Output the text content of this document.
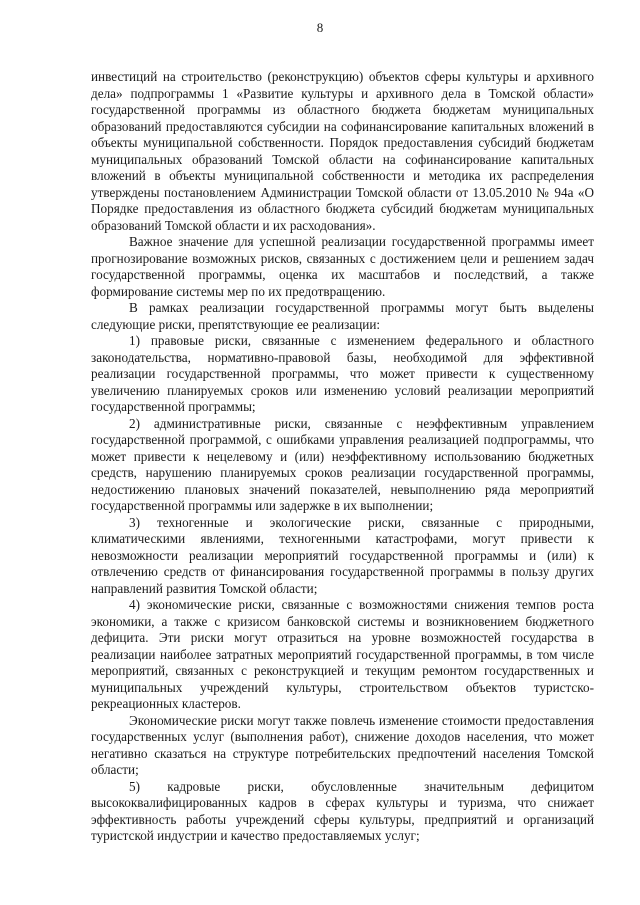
8

инвестиций на строительство (реконструкцию) объектов сферы культуры и архивного дела» подпрограммы 1 «Развитие культуры и архивного дела в Томской области» государственной программы из областного бюджета бюджетам муниципальных образований предоставляются субсидии на софинансирование капитальных вложений в объекты муниципальной собственности. Порядок предоставления субсидий бюджетам муниципальных образований Томской области на софинансирование капитальных вложений в объекты муниципальной собственности и методика их распределения утверждены постановлением Администрации Томской области от 13.05.2010 № 94а «О Порядке предоставления из областного бюджета субсидий бюджетам муниципальных образований Томской области и их расходования».

Важное значение для успешной реализации государственной программы имеет прогнозирование возможных рисков, связанных с достижением цели и решением задач государственной программы, оценка их масштабов и последствий, а также формирование системы мер по их предотвращению.

В рамках реализации государственной программы могут быть выделены следующие риски, препятствующие ее реализации:

1) правовые риски, связанные с изменением федерального и областного законодательства, нормативно-правовой базы, необходимой для эффективной реализации государственной программы, что может привести к существенному увеличению планируемых сроков или изменению условий реализации мероприятий государственной программы;

2) административные риски, связанные с неэффективным управлением государственной программой, с ошибками управления реализацией подпрограммы, что может привести к нецелевому и (или) неэффективному использованию бюджетных средств, нарушению планируемых сроков реализации государственной программы, недостижению плановых значений показателей, невыполнению ряда мероприятий государственной программы или задержке в их выполнении;

3) техногенные и экологические риски, связанные с природными, климатическими явлениями, техногенными катастрофами, могут привести к невозможности реализации мероприятий государственной программы и (или) к отвлечению средств от финансирования государственной программы в пользу других направлений развития Томской области;

4) экономические риски, связанные с возможностями снижения темпов роста экономики, а также с кризисом банковской системы и возникновением бюджетного дефицита. Эти риски могут отразиться на уровне возможностей государства в реализации наиболее затратных мероприятий государственной программы, в том числе мероприятий, связанных с реконструкцией и текущим ремонтом государственных и муниципальных учреждений культуры, строительством объектов туристско-рекреационных кластеров.

Экономические риски могут также повлечь изменение стоимости предоставления государственных услуг (выполнения работ), снижение доходов населения, что может негативно сказаться на структуре потребительских предпочтений населения Томской области;

5) кадровые риски, обусловленные значительным дефицитом высококвалифицированных кадров в сферах культуры и туризма, что снижает эффективность работы учреждений сферы культуры, предприятий и организаций туристской индустрии и качество предоставляемых услуг;
